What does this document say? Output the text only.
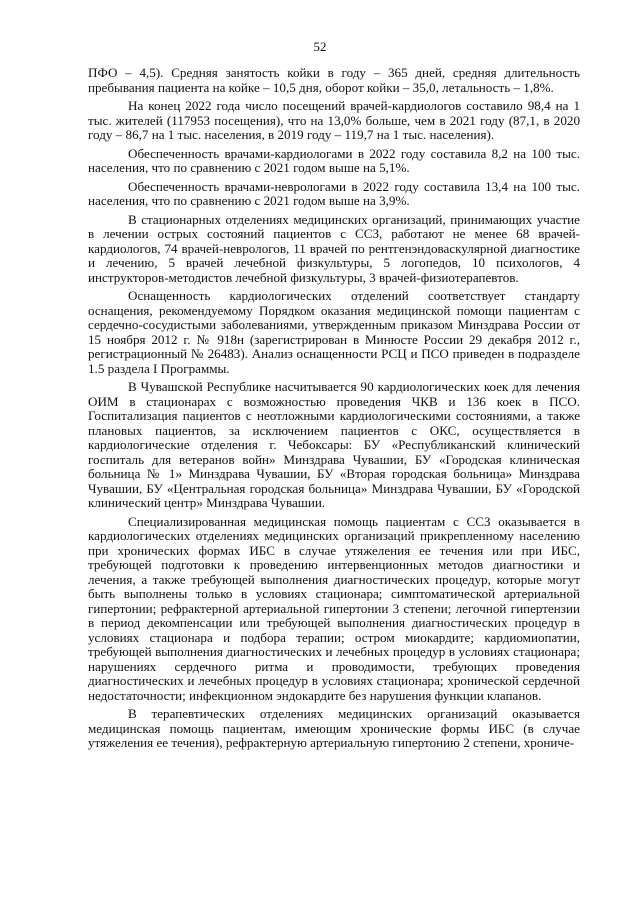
52

ПФО – 4,5). Средняя занятость койки в году – 365 дней, средняя длительность пребывания пациента на койке – 10,5 дня, оборот койки – 35,0, летальность – 1,8%.

На конец 2022 года число посещений врачей-кардиологов составило 98,4 на 1 тыс. жителей (117953 посещения), что на 13,0% больше, чем в 2021 году (87,1, в 2020 году – 86,7 на 1 тыс. населения, в 2019 году – 119,7 на 1 тыс. населения).

Обеспеченность врачами-кардиологами в 2022 году составила 8,2 на 100 тыс. населения, что по сравнению с 2021 годом выше на 5,1%.

Обеспеченность врачами-неврологами в 2022 году составила 13,4 на 100 тыс. населения, что по сравнению с 2021 годом выше на 3,9%.

В стационарных отделениях медицинских организаций, принимающих участие в лечении острых состояний пациентов с ССЗ, работают не менее 68 врачей-кардиологов, 74 врачей-неврологов, 11 врачей по рентгенэндоваскулярной диагностике и лечению, 5 врачей лечебной физкультуры, 5 логопедов, 10 психологов, 4 инструкторов-методистов лечебной физкультуры, 3 врачей-физиотерапевтов.

Оснащенность кардиологических отделений соответствует стандарту оснащения, рекомендуемому Порядком оказания медицинской помощи пациентам с сердечно-сосудистыми заболеваниями, утвержденным приказом Минздрава России от 15 ноября 2012 г. № 918н (зарегистрирован в Минюсте России 29 декабря 2012 г., регистрационный № 26483). Анализ оснащенности РСЦ и ПСО приведен в подразделе 1.5 раздела I Программы.

В Чувашской Республике насчитывается 90 кардиологических коек для лечения ОИМ в стационарах с возможностью проведения ЧКВ и 136 коек в ПСО. Госпитализация пациентов с неотложными кардиологическими состояниями, а также плановых пациентов, за исключением пациентов с ОКС, осуществляется в кардиологические отделения г. Чебоксары: БУ «Республиканский клинический госпиталь для ветеранов войн» Минздрава Чувашии, БУ «Городская клиническая больница № 1» Минздрава Чувашии, БУ «Вторая городская больница» Минздрава Чувашии, БУ «Центральная городская больница» Минздрава Чувашии, БУ «Городской клинический центр» Минздрава Чувашии.

Специализированная медицинская помощь пациентам с ССЗ оказывается в кардиологических отделениях медицинских организаций прикрепленному населению при хронических формах ИБС в случае утяжеления ее течения или при ИБС, требующей подготовки к проведению интервенционных методов диагностики и лечения, а также требующей выполнения диагностических процедур, которые могут быть выполнены только в условиях стационара; симптоматической артериальной гипертонии; рефрактерной артериальной гипертонии 3 степени; легочной гипертензии в период декомпенсации или требующей выполнения диагностических процедур в условиях стационара и подбора терапии; остром миокардите; кардиомиопатии, требующей выполнения диагностических и лечебных процедур в условиях стационара; нарушениях сердечного ритма и проводимости, требующих проведения диагностических и лечебных процедур в условиях стационара; хронической сердечной недостаточности; инфекционном эндокардите без нарушения функции клапанов.

В терапевтических отделениях медицинских организаций оказывается медицинская помощь пациентам, имеющим хронические формы ИБС (в случае утяжеления ее течения), рефрактерную артериальную гипертонию 2 степени, хрониче-
